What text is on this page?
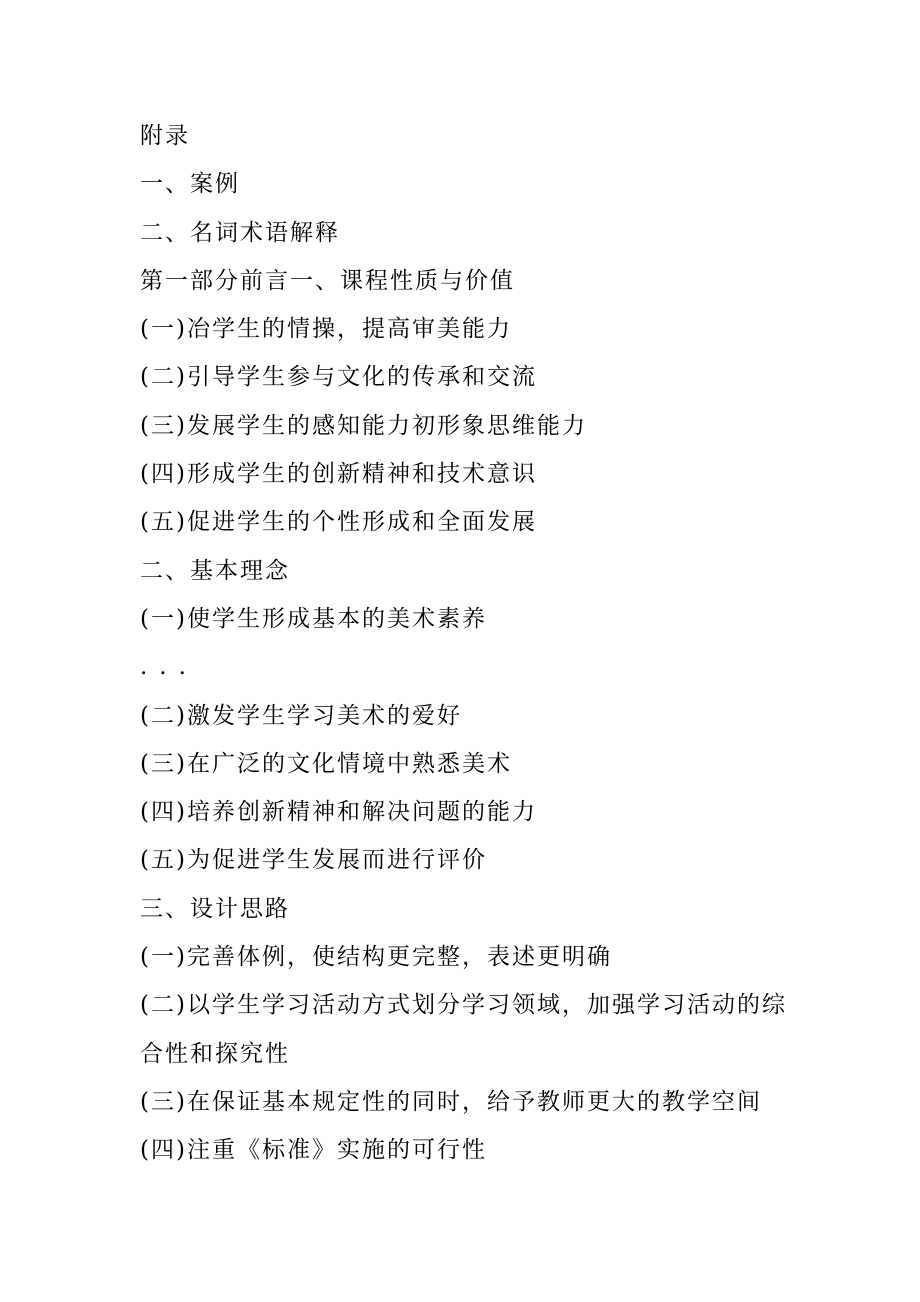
附录
一、案例
二、名词术语解释
第一部分前言一、课程性质与价值
(一)冶学生的情操，提高审美能力
(二)引导学生参与文化的传承和交流
(三)发展学生的感知能力初形象思维能力
(四)形成学生的创新精神和技术意识
(五)促进学生的个性形成和全面发展
二、基本理念
(一)使学生形成基本的美术素养
...
(二)激发学生学习美术的爱好
(三)在广泛的文化情境中熟悉美术
(四)培养创新精神和解决问题的能力
(五)为促进学生发展而进行评价
三、设计思路
(一)完善体例，使结构更完整，表述更明确
(二)以学生学习活动方式划分学习领域，加强学习活动的综
合性和探究性
(三)在保证基本规定性的同时，给予教师更大的教学空间
(四)注重《标准》实施的可行性
